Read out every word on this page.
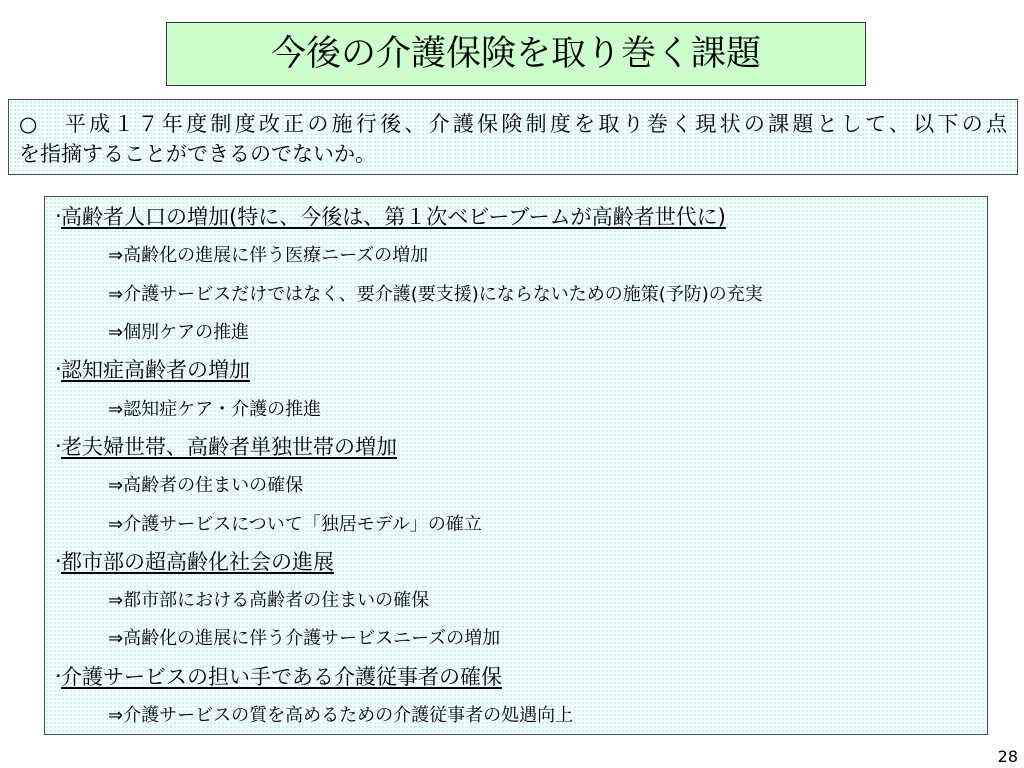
今後の介護保険を取り巻く課題
○　平成１７年度制度改正の施行後、介護保険制度を取り巻く現状の課題として、以下の点
を指摘することができるのでないか。
· 高齢者人口の増加(特に、今後は、第１次ベビーブームが高齢者世代に)
⇒高齢化の進展に伴う医療ニーズの増加
⇒介護サービスだけではなく、要介護(要支援)にならないための施策(予防)の充実
⇒個別ケアの推進
· 認知症高齢者の増加
⇒認知症ケア・介護の推進
· 老夫婦世帯、高齢者単独世帯の増加
⇒高齢者の住まいの確保
⇒介護サービスについて「独居モデル」の確立
· 都市部の超高齢化社会の進展
⇒都市部における高齢者の住まいの確保
⇒高齢化の進展に伴う介護サービスニーズの増加
· 介護サービスの担い手である介護従事者の確保
⇒介護サービスの質を高めるための介護従事者の処遇向上
28
